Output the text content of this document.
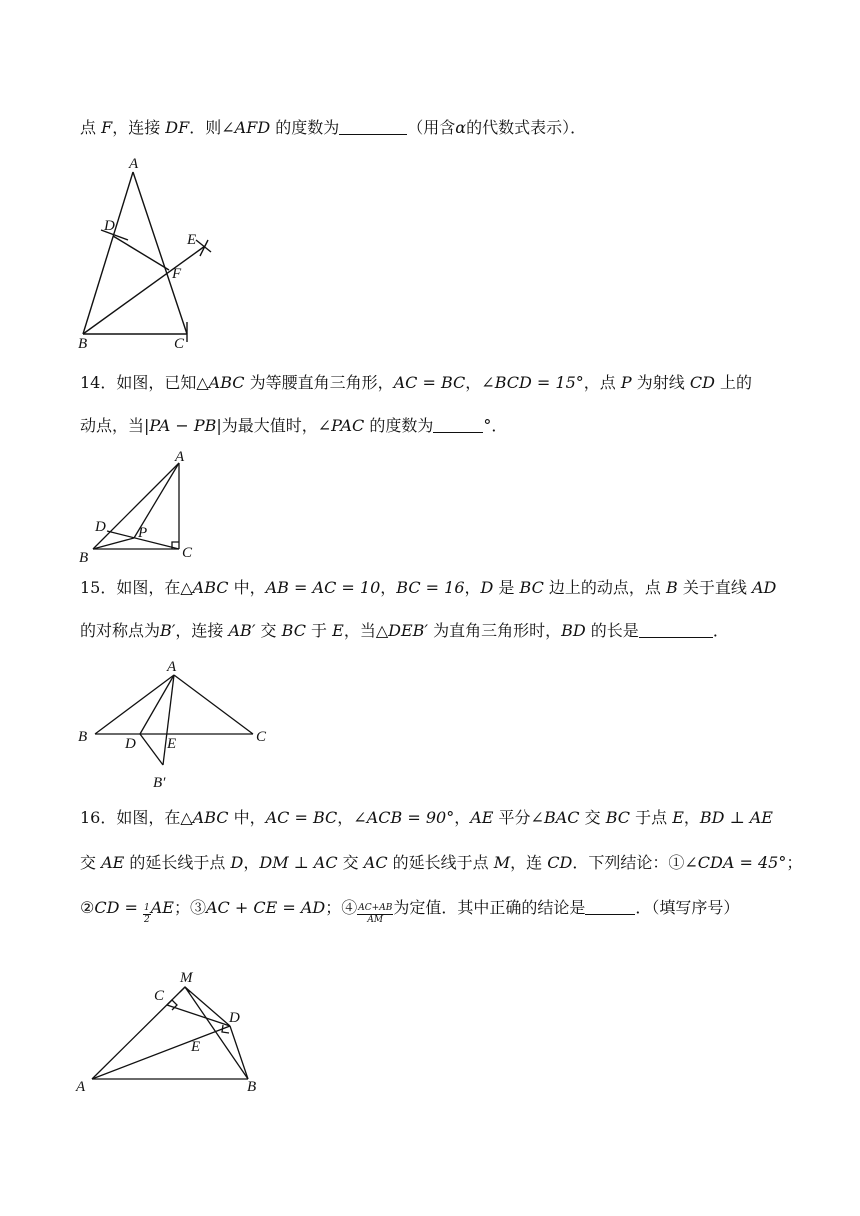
点 F，连接 DF．则∠AFD 的度数为	（用含α的代数式表示）．
A
D
E
F
B	C
A
D P
B	C
A
B	D E	C
B′
M
C
D
E
A	B
14．如图，已知△ABC 为等腰直角三角形，AC = BC，∠BCD = 15°，点 P 为射线 CD 上的
动点，当|PA − PB|为最大值时，∠PAC 的度数为	°．
15．如图，在△ABC 中，AB = AC = 10，BC = 16，D 是 BC 边上的动点，点 B 关于直线 AD
的对称点为B′，连接 AB′ 交 BC 于 E，当△DEB′ 为直角三角形时，BD 的长是	．
16．如图，在△ABC 中，AC = BC，∠ACB = 90°，AE 平分∠BAC 交 BC 于点 E，BD ⊥ AE
交 AE 的延长线于点 D，DM ⊥ AC 交 AC 的延长线于点 M，连 CD．下列结论：①∠CDA = 45°；
②CD = $\frac{1}{2}$ AE；③AC + CE = AD；④ $\frac{AC+AB}{AM}$ 为定值．其中正确的结论是	．（填写序号）
